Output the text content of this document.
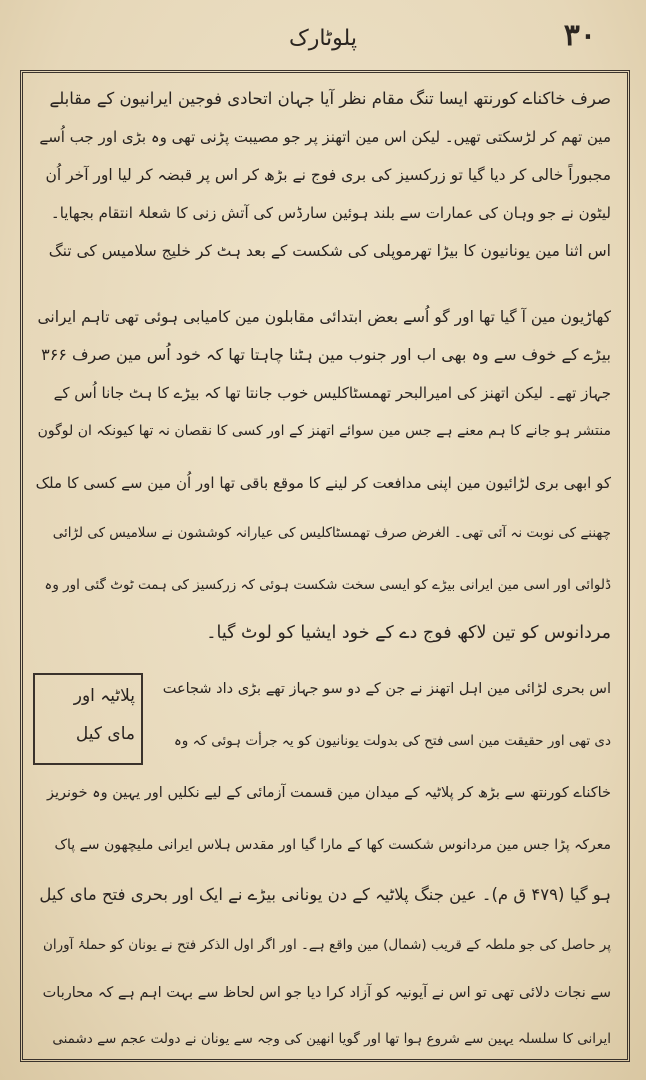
۳۰
پلوٹارک
صرف خاکناے کورنتھ ایسا تنگ مقام نظر آیا جہان اتحادی فوجین ایرانیون کے مقابلے
مین تھم کر لڑسکتی تھیں۔ لیکن اس مین اتھنز پر جو مصیبت پڑنی تھی وہ بڑی اور جب اُسے
مجبوراً خالی کر دیا گیا تو زرکسیز کی بری فوج نے بڑھ کر اس پر قبضہ کر لیا اور آخر اُن
لیٹون نے جو وہان کی عمارات سے بلند ہوئین سارڈس کی آتش زنی کا شعلۂ انتقام بجھایا۔
اس اثنا مین یونانیون کا بیڑا تھرموپلی کی شکست کے بعد ہٹ کر خلیج سلامیس کی تنگ
کھاڑیون مین آ گیا تھا اور گو اُسے بعض ابتدائی مقابلون مین کامیابی ہوئی تھی تاہم ایرانی
بیڑے کے خوف سے وہ بھی اب اور جنوب مین ہٹنا چاہتا تھا کہ خود اُس مین صرف ۳۶۶
جہاز تھے۔ لیکن اتھنز کی امیرالبحر تھمسٹاکلیس خوب جانتا تھا کہ بیڑے کا ہٹ جانا اُس کے
منتشر ہو جانے کا ہم معنے ہے جس مین سوائے اتھنز کے اور کسی کا نقصان نہ تھا کیونکہ ان لوگون
کو ابھی بری لڑائیون مین اپنی مدافعت کر لینے کا موقع باقی تھا اور اُن مین سے کسی کا ملک
چھننے کی نوبت نہ آئی تھی۔ الغرض صرف تھمسٹاکلیس کی عیارانہ کوششون نے سلامیس کی لڑائی
ڈلوائی اور اسی مین ایرانی بیڑے کو ایسی سخت شکست ہوئی کہ زرکسیز کی ہمت ٹوٹ گئی اور وہ
مردانوس کو تین لاکھ فوج دے کے خود ایشیا کو لوٹ گیا۔
پلاٹیہ اور
مای کیل
اس بحری لڑائی مین اہل اتھنز نے جن کے دو سو جہاز تھے بڑی داد شجاعت
دی تھی اور حقیقت مین اسی فتح کی بدولت یونانیون کو یہ جرأت ہوئی کہ وہ
خاکناے کورنتھ سے بڑھ کر پلاٹیہ کے میدان مین قسمت آزمائی کے لیے نکلیں اور یہین وہ خونریز
معرکہ پڑا جس مین مردانوس شکست کھا کے مارا گیا اور مقدس ہلاس ایرانی ملیچھون سے پاک
ہو گیا (۴۷۹ ق م)۔ عین جنگ پلاٹیہ کے دن یونانی بیڑے نے ایک اور بحری فتح مای کیل
پر حاصل کی جو ملطہ کے قریب (شمال) مین واقع ہے۔ اور اگر اول الذکر فتح نے یونان کو حملۂ آوران
سے نجات دلائی تھی تو اس نے آیونیہ کو آزاد کرا دیا جو اس لحاظ سے بہت اہم ہے کہ محاربات
ایرانی کا سلسلہ یہین سے شروع ہوا تھا اور گویا انھین کی وجہ سے یونان نے دولت عجم سے دشمنی
